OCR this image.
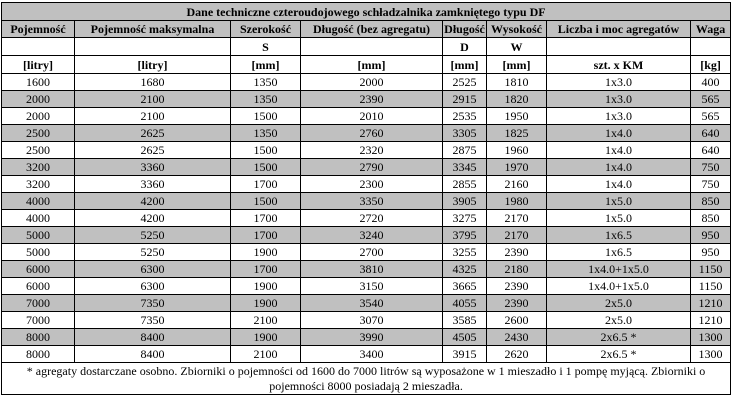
Dane techniczne czteroudojowego schładzalnika zamkniętego typu DF							
Pojemność	Pojemność maksymalna	Szerokość	Długość (bez agregatu)	Długość	Wysokość	Liczba i moc agregatów	Waga
		S		D	W		
[litry]	[litry]	[mm]	[mm]	[mm]	[mm]	szt. x KM	[kg]
1600	1680	1350	2000	2525	1810	1x3.0	400
2000	2100	1350	2390	2915	1820	1x3.0	565
2000	2100	1500	2010	2535	1950	1x3.0	565
2500	2625	1350	2760	3305	1825	1x4.0	640
2500	2625	1500	2320	2875	1960	1x4.0	640
3200	3360	1500	2790	3345	1970	1x4.0	750
3200	3360	1700	2300	2855	2160	1x4.0	750
4000	4200	1500	3350	3905	1980	1x5.0	850
4000	4200	1700	2720	3275	2170	1x5.0	850
5000	5250	1700	3240	3795	2170	1x6.5	950
5000	5250	1900	2700	3255	2390	1x6.5	950
6000	6300	1700	3810	4325	2180	1x4.0+1x5.0	1150
6000	6300	1900	3150	3665	2390	1x4.0+1x5.0	1150
7000	7350	1900	3540	4055	2390	2x5.0	1210
7000	7350	2100	3070	3585	2600	2x5.0	1210
8000	8400	1900	3990	4505	2430	2x6.5 *	1300
8000	8400	2100	3400	3915	2620	2x6.5 *	1300
* agregaty dostarczane osobno. Zbiorniki o pojemności od 1600 do 7000 litrów są wyposażone w 1 mieszadło i 1 pompę myjącą. Zbiorniki o pojemności 8000 posiadają 2 mieszadła.							
